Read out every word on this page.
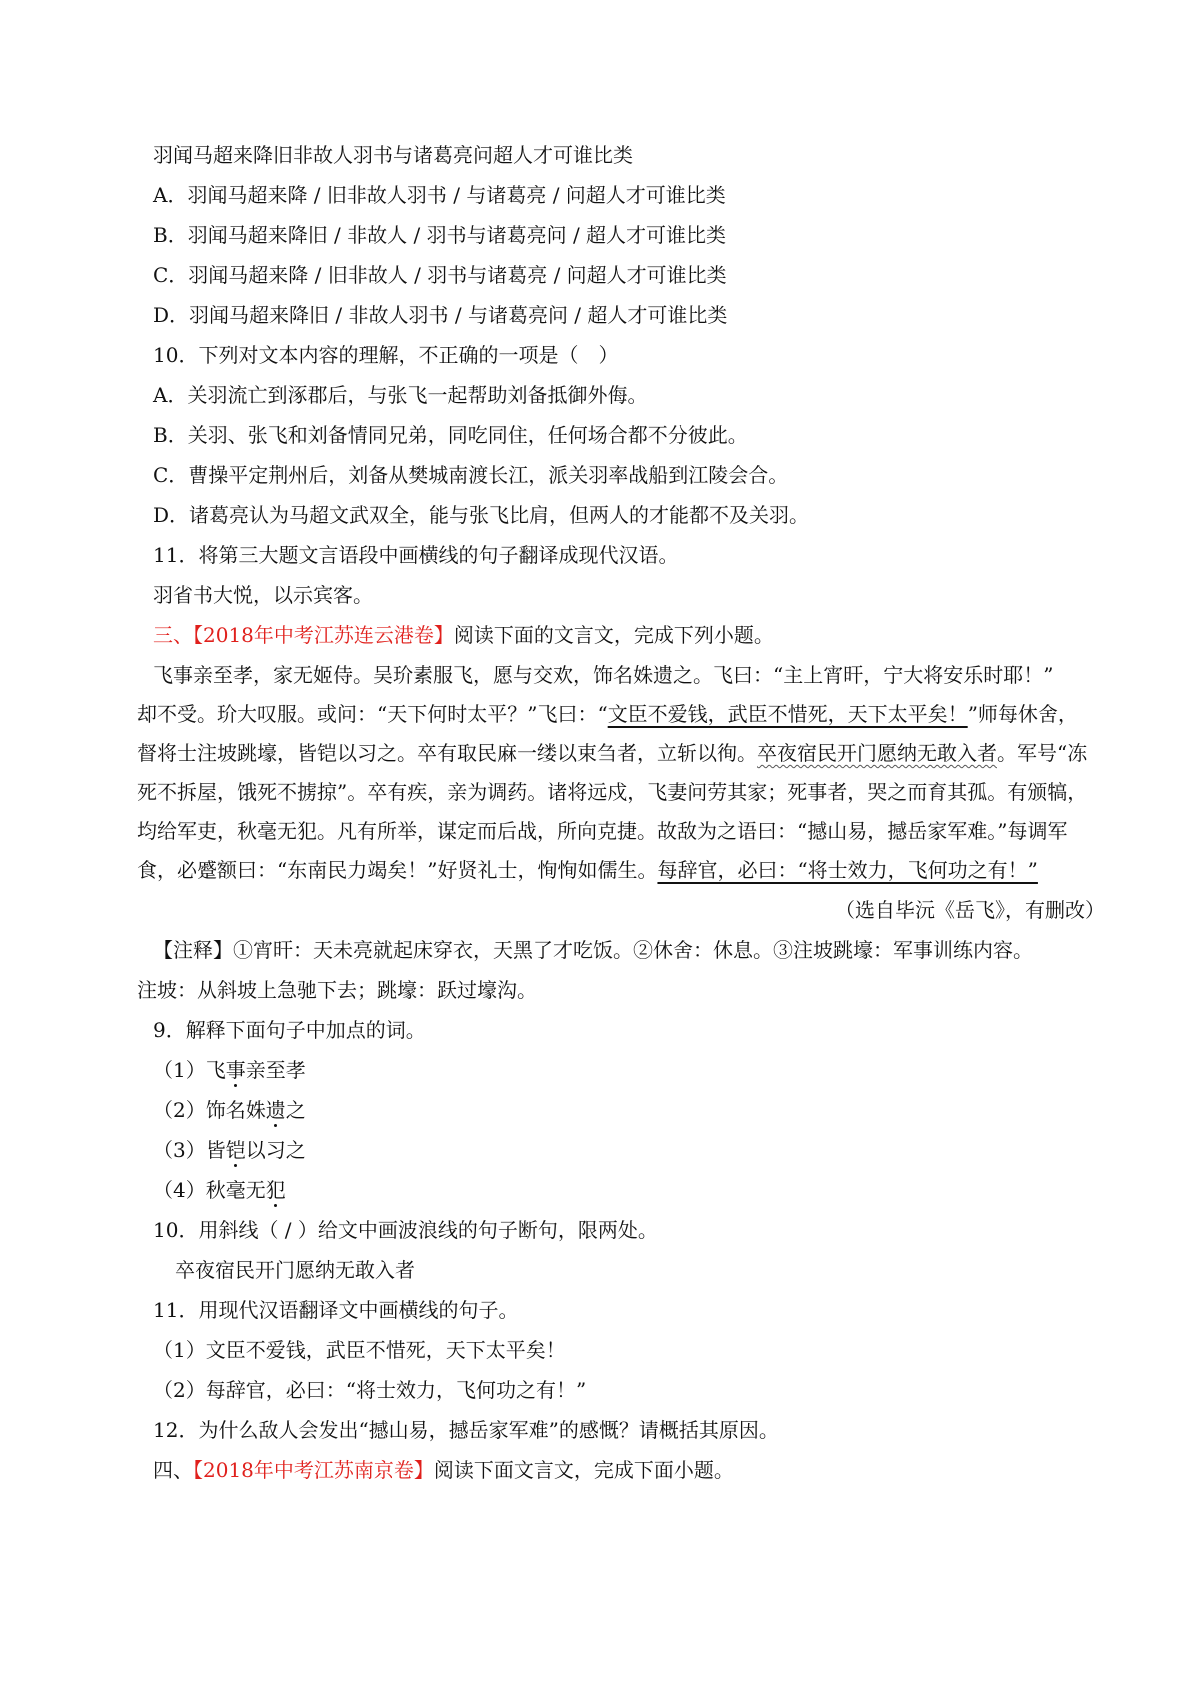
羽闻马超来降旧非故人羽书与诸葛亮问超人才可谁比类
A．羽闻马超来降 / 旧非故人羽书 / 与诸葛亮 / 问超人才可谁比类
B．羽闻马超来降旧 / 非故人 / 羽书与诸葛亮问 / 超人才可谁比类
C．羽闻马超来降 / 旧非故人 / 羽书与诸葛亮 / 问超人才可谁比类
D．羽闻马超来降旧 / 非故人羽书 / 与诸葛亮问 / 超人才可谁比类
10．下列对文本内容的理解，不正确的一项是（　）
A．关羽流亡到涿郡后，与张飞一起帮助刘备抵御外侮。
B．关羽、张飞和刘备情同兄弟，同吃同住，任何场合都不分彼此。
C．曹操平定荆州后，刘备从樊城南渡长江，派关羽率战船到江陵会合。
D．诸葛亮认为马超文武双全，能与张飞比肩，但两人的才能都不及关羽。
11．将第三大题文言语段中画横线的句子翻译成现代汉语。
羽省书大悦，以示宾客。
三、【2018年中考江苏连云港卷】阅读下面的文言文，完成下列小题。
飞事亲至孝，家无姬侍。吴玠素服飞，愿与交欢，饰名姝遗之。飞曰：“主上宵旰，宁大将安乐时耶！”
却不受。玠大叹服。或问：“天下何时太平？”飞曰：“文臣不爱钱，武臣不惜死，天下太平矣！”师每休舍，
督将士注坡跳壕，皆铠以习之。卒有取民麻一缕以束刍者，立斩以徇。卒夜宿民开门愿纳无敢入者。军号“冻
死不拆屋，饿死不掳掠”。卒有疾，亲为调药。诸将远戍，飞妻问劳其家；死事者，哭之而育其孤。有颁犒，
均给军吏，秋毫无犯。凡有所举，谋定而后战，所向克捷。故敌为之语曰：“撼山易，撼岳家军难。”每调军
食，必蹙额曰：“东南民力竭矣！”好贤礼士，恂恂如儒生。每辞官，必曰：“将士效力，飞何功之有！”
（选自毕沅《岳飞》，有删改）
【注释】①宵旰：天未亮就起床穿衣，天黑了才吃饭。②休舍：休息。③注坡跳壕：军事训练内容。
注坡：从斜坡上急驰下去；跳壕：跃过壕沟。
9．解释下面句子中加点的词。
（1）飞事亲至孝
（2）饰名姝遗之
（3）皆铠以习之
（4）秋毫无犯
10．用斜线（ / ）给文中画波浪线的句子断句，限两处。
卒夜宿民开门愿纳无敢入者
11．用现代汉语翻译文中画横线的句子。
（1）文臣不爱钱，武臣不惜死，天下太平矣！
（2）每辞官，必曰：“将士效力，飞何功之有！”
12．为什么敌人会发出“撼山易，撼岳家军难”的感慨？请概括其原因。
四、【2018年中考江苏南京卷】阅读下面文言文，完成下面小题。
